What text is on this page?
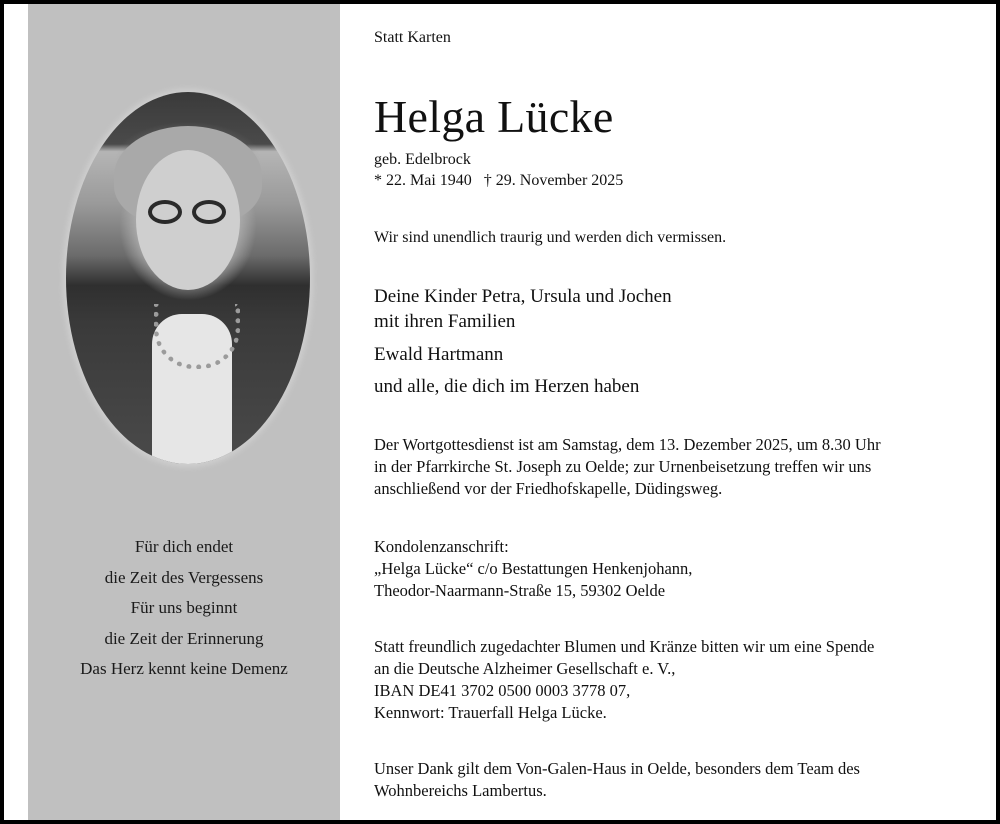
Für dich endet
die Zeit des Vergessens
Für uns beginnt
die Zeit der Erinnerung
Das Herz kennt keine Demenz
Statt Karten
Helga Lücke
geb. Edelbrock
* 22. Mai 1940   † 29. November 2025
Wir sind unendlich traurig und werden dich vermissen.
Deine Kinder Petra, Ursula und Jochen
mit ihren Familien
Ewald Hartmann
und alle, die dich im Herzen haben
Der Wortgottesdienst ist am Samstag, dem 13. Dezember 2025, um 8.30 Uhr
in der Pfarrkirche St. Joseph zu Oelde; zur Urnenbeisetzung treffen wir uns
anschließend vor der Friedhofskapelle, Düdingsweg.
Kondolenzanschrift:
„Helga Lücke“ c/o Bestattungen Henkenjohann,
Theodor-Naarmann-Straße 15, 59302 Oelde
Statt freundlich zugedachter Blumen und Kränze bitten wir um eine Spende
an die Deutsche Alzheimer Gesellschaft e. V.,
IBAN DE41 3702 0500 0003 3778 07,
Kennwort: Trauerfall Helga Lücke.
Unser Dank gilt dem Von-Galen-Haus in Oelde, besonders dem Team des
Wohnbereichs Lambertus.
